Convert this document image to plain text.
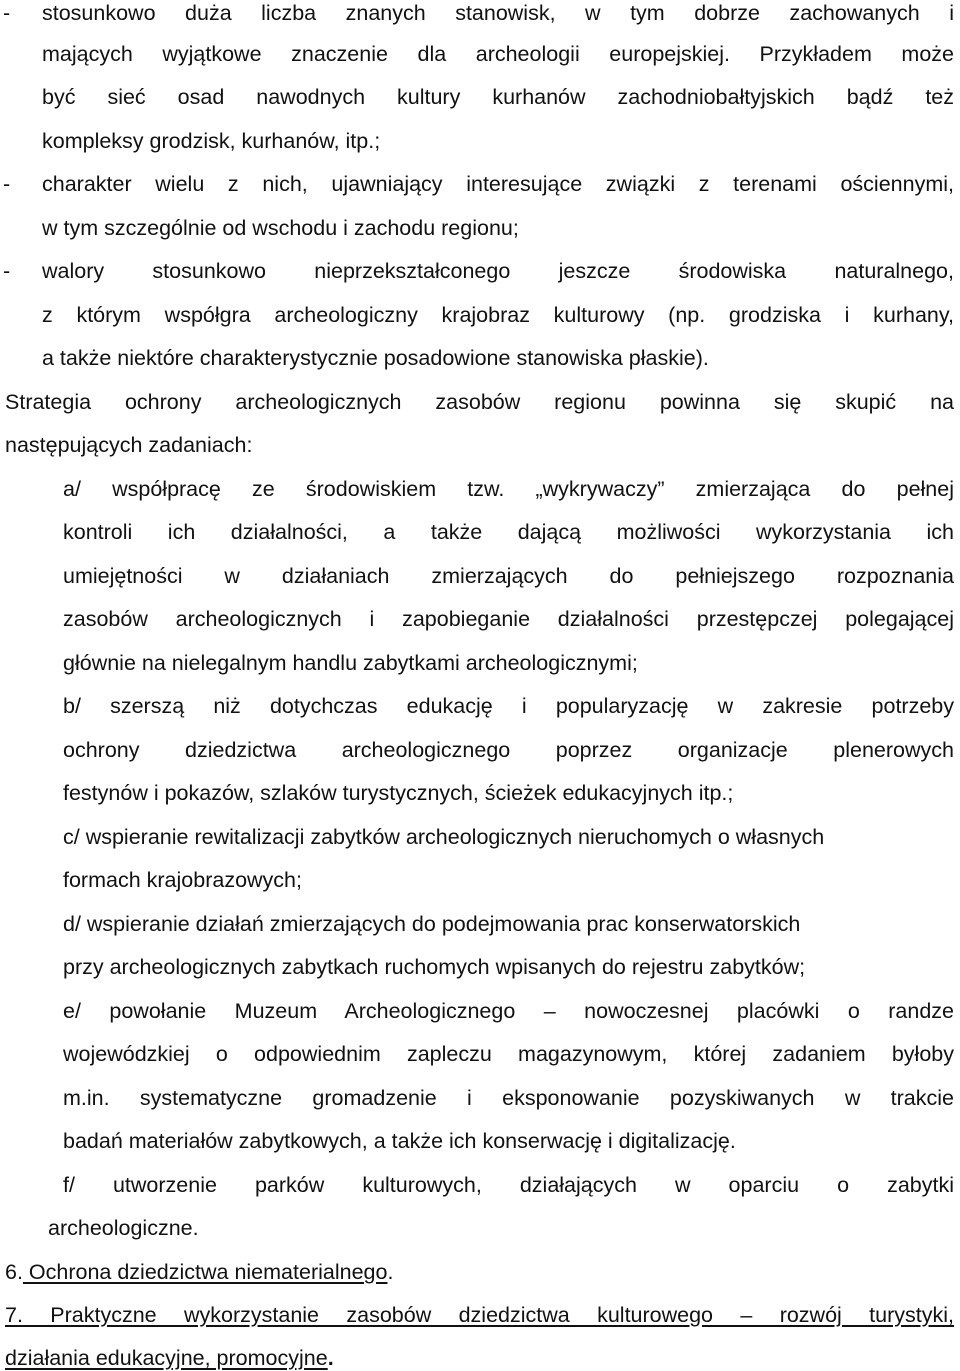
- stosunkowo duża liczba znanych stanowisk, w tym dobrze zachowanych i
mających wyjątkowe znaczenie dla archeologii europejskiej. Przykładem może
być sieć osad nawodnych kultury kurhanów zachodniobałtyjskich bądź też
kompleksy grodzisk, kurhanów, itp.;
- charakter wielu z nich, ujawniający interesujące związki z terenami ościennymi,
w tym szczególnie od wschodu i zachodu regionu;
- walory stosunkowo nieprzekształconego jeszcze środowiska naturalnego,
z którym współgra archeologiczny krajobraz kulturowy (np. grodziska i kurhany,
a także niektóre charakterystycznie posadowione stanowiska płaskie).
Strategia ochrony archeologicznych zasobów regionu powinna się skupić na
następujących zadaniach:
a/ współpracę ze środowiskiem tzw. „wykrywaczy” zmierzająca do pełnej
kontroli ich działalności, a także dającą możliwości wykorzystania ich
umiejętności w działaniach zmierzających do pełniejszego rozpoznania
zasobów archeologicznych i zapobieganie działalności przestępczej polegającej
głównie na nielegalnym handlu zabytkami archeologicznymi;
b/ szerszą niż dotychczas edukację i popularyzację w zakresie potrzeby
ochrony dziedzictwa archeologicznego poprzez organizacje plenerowych
festynów i pokazów, szlaków turystycznych, ścieżek edukacyjnych itp.;
c/ wspieranie rewitalizacji zabytków archeologicznych nieruchomych o własnych
formach krajobrazowych;
d/ wspieranie działań zmierzających do podejmowania prac konserwatorskich
przy archeologicznych zabytkach ruchomych wpisanych do rejestru zabytków;
e/ powołanie Muzeum Archeologicznego – nowoczesnej placówki o randze
wojewódzkiej o odpowiednim zapleczu magazynowym, której zadaniem byłoby
m.in. systematyczne gromadzenie i eksponowanie pozyskiwanych w trakcie
badań materiałów zabytkowych, a także ich konserwację i digitalizację.
f/ utworzenie parków kulturowych, działających w oparciu o zabytki
archeologiczne.
6. Ochrona dziedzictwa niematerialnego.
7. Praktyczne wykorzystanie zasobów dziedzictwa kulturowego – rozwój turystyki,
działania edukacyjne, promocyjne.
